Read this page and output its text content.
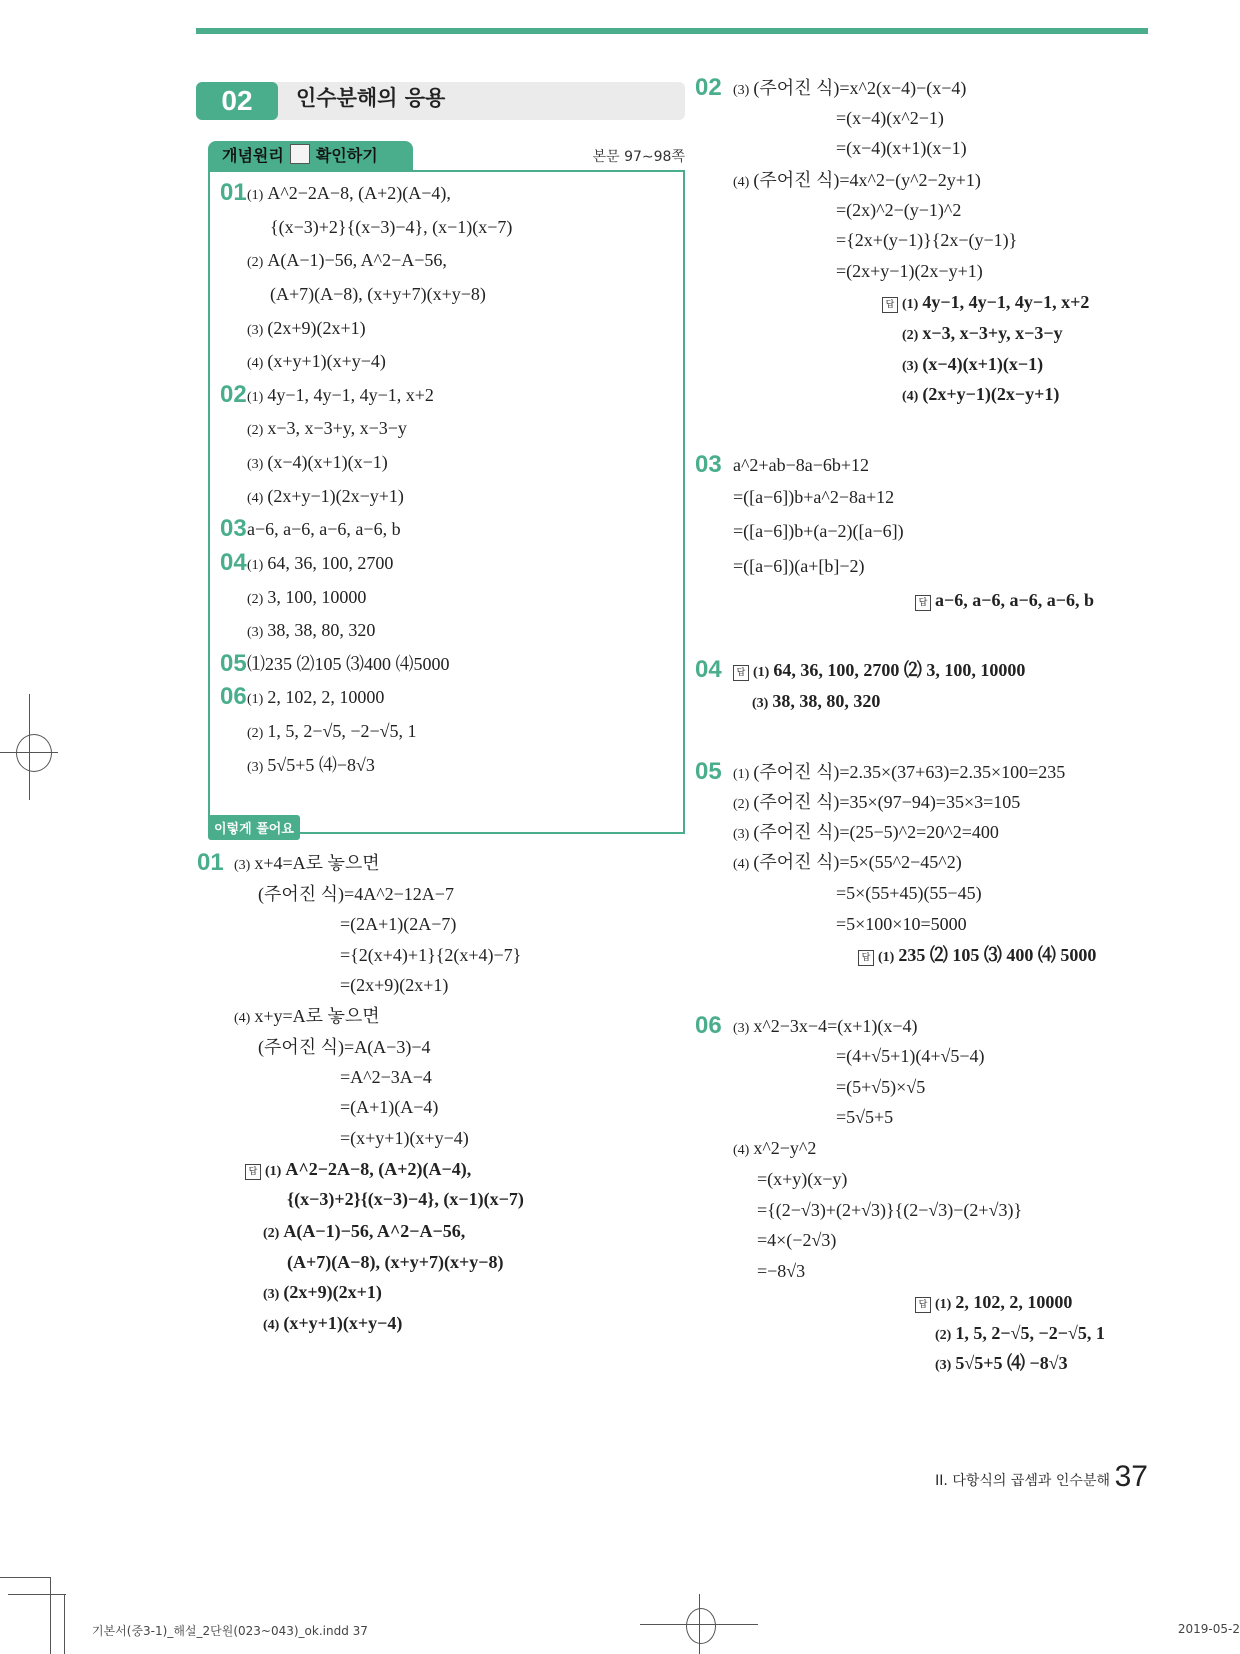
02	인수분해의 응용
개념원리 확인하기	본문 97∼98쪽
이렇게 풀어요
01 (1) A^2−2A−8, (A+2)(A−4),
{(x−3)+2}{(x−3)−4}, (x−1)(x−7)
(2) A(A−1)−56, A^2−A−56,
(A+7)(A−8), (x+y+7)(x+y−8)
(3) (2x+9)(2x+1)
(4) (x+y+1)(x+y−4)
02 (1) 4y−1, 4y−1, 4y−1, x+2
(2) x−3, x−3+y, x−3−y
(3) (x−4)(x+1)(x−1)
(4) (2x+y−1)(2x−y+1)
03 a−6, a−6, a−6, a−6, b
04 (1) 64, 36, 100, 2700
(2) 3, 100, 10000
(3) 38, 38, 80, 320
05 ⑴235 ⑵105 ⑶400 ⑷5000
06 (1) 2, 102, 2, 10000
(2) 1, 5, 2−√5, −2−√5, 1
(3) 5√5+5 ⑷−8√3
01 (3) x+4=A로 놓으면
(주어진 식)=4A^2−12A−7
=(2A+1)(2A−7)
={2(x+4)+1}{2(x+4)−7}
=(2x+9)(2x+1)
(4) x+y=A로 놓으면
(주어진 식)=A(A−3)−4
=A^2−3A−4
=(A+1)(A−4)
=(x+y+1)(x+y−4)
답 (1) A^2−2A−8, (A+2)(A−4),
{(x−3)+2}{(x−3)−4}, (x−1)(x−7)
(2) A(A−1)−56, A^2−A−56,
(A+7)(A−8), (x+y+7)(x+y−8)
(3) (2x+9)(2x+1)
(4) (x+y+1)(x+y−4)
02 (3) (주어진 식)=x^2(x−4)−(x−4)
=(x−4)(x^2−1)
=(x−4)(x+1)(x−1)
(4) (주어진 식)=4x^2−(y^2−2y+1)
=(2x)^2−(y−1)^2
={2x+(y−1)}{2x−(y−1)}
=(2x+y−1)(2x−y+1)
답 (1) 4y−1, 4y−1, 4y−1, x+2
(2) x−3, x−3+y, x−3−y
(3) (x−4)(x+1)(x−1)
(4) (2x+y−1)(2x−y+1)
03 a^2+ab−8a−6b+12
=([a−6])b+a^2−8a+12
=([a−6])b+(a−2)([a−6])
=([a−6])(a+[b]−2)
답 a−6, a−6, a−6, a−6, b
04	답 (1) 64, 36, 100, 2700 ⑵ 3, 100, 10000
(3) 38, 38, 80, 320
05 (1) (주어진 식)=2.35×(37+63)=2.35×100=235
(2) (주어진 식)=35×(97−94)=35×3=105
(3) (주어진 식)=(25−5)^2=20^2=400
(4) (주어진 식)=5×(55^2−45^2)
=5×(55+45)(55−45)
=5×100×10=5000
답 (1) 235 ⑵ 105 ⑶ 400 ⑷ 5000
06 (3) x^2−3x−4=(x+1)(x−4)
=(4+√5+1)(4+√5−4)
=(5+√5)×√5
=5√5+5
(4) x^2−y^2
=(x+y)(x−y)
={(2−√3)+(2+√3)}{(2−√3)−(2+√3)}
=4×(−2√3)
=−8√3
답 (1) 2, 102, 2, 10000
(2) 1, 5, 2−√5, −2−√5, 1
(3) 5√5+5 ⑷ −8√3
II. 다항식의 곱셈과 인수분해 37
기본서(중3-1)_해설_2단원(023~043)_ok.indd 37	2019-05-2
